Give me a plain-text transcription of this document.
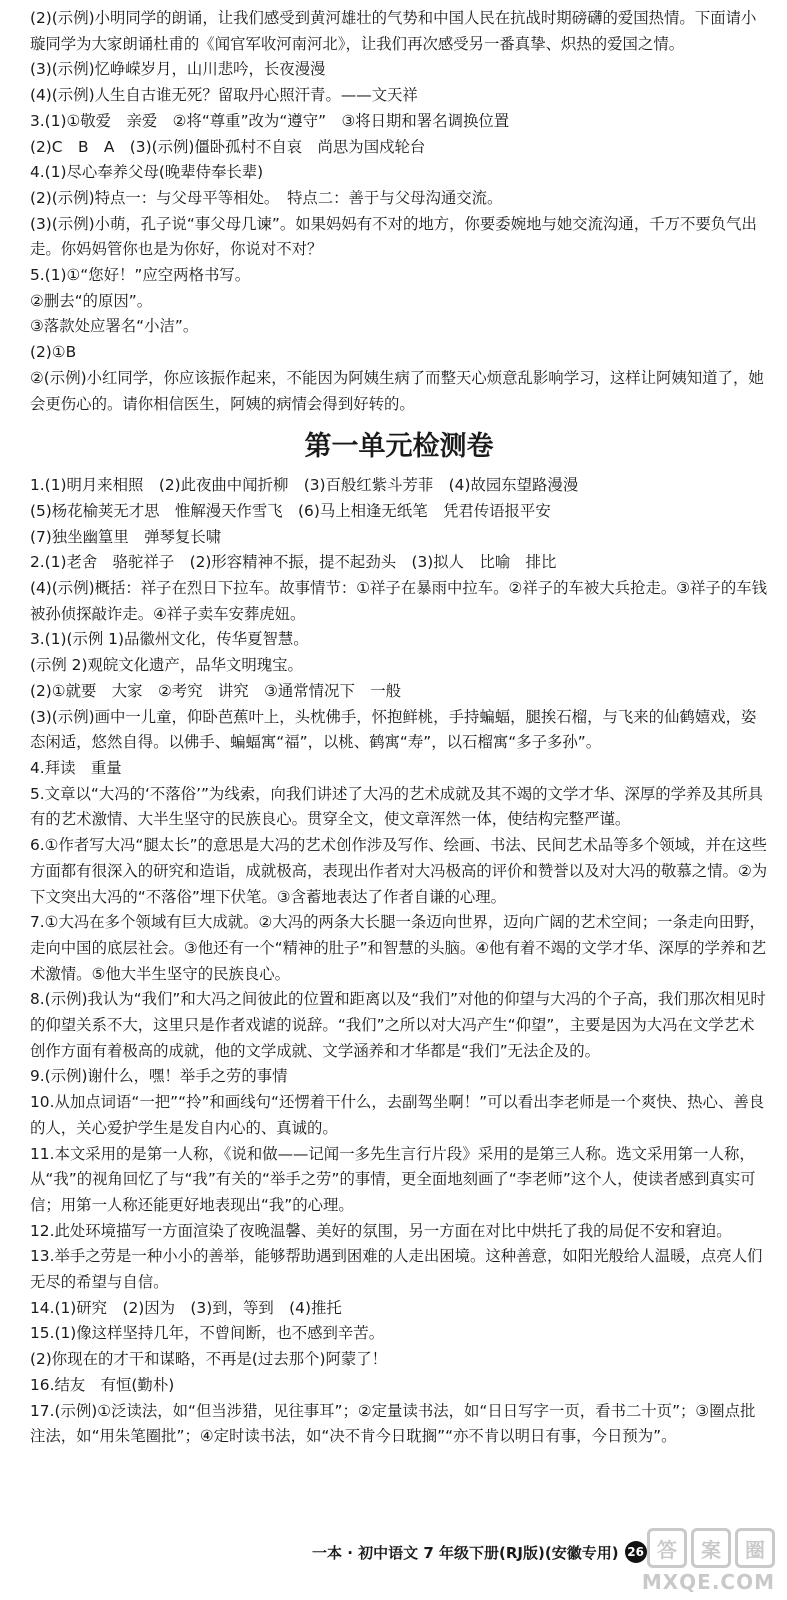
(2)(示例)小明同学的朗诵，让我们感受到黄河雄壮的气势和中国人民在抗战时期磅礴的爱国热情。下面请小璇同学为大家朗诵杜甫的《闻官军收河南河北》，让我们再次感受另一番真挚、炽热的爱国之情。
(3)(示例)忆峥嵘岁月，山川悲吟，长夜漫漫
(4)(示例)人生自古谁无死？留取丹心照汗青。——文天祥
3.(1)①敬爱　亲爱　②将“尊重”改为“遵守”　③将日期和署名调换位置
(2)C　B　A　(3)(示例)僵卧孤村不自哀　尚思为国戍轮台
4.(1)尽心奉养父母(晚辈侍奉长辈)
(2)(示例)特点一：与父母平等相处。　特点二：善于与父母沟通交流。
(3)(示例)小萌，孔子说“事父母几谏”。如果妈妈有不对的地方，你要委婉地与她交流沟通，千万不要负气出走。你妈妈管你也是为你好，你说对不对？
5.(1)①“您好！”应空两格书写。
②删去“的原因”。
③落款处应署名“小洁”。
(2)①B
②(示例)小红同学，你应该振作起来，不能因为阿姨生病了而整天心烦意乱影响学习，这样让阿姨知道了，她会更伤心的。请你相信医生，阿姨的病情会得到好转的。
第一单元检测卷
1.(1)明月来相照　(2)此夜曲中闻折柳　(3)百般红紫斗芳菲　(4)故园东望路漫漫
(5)杨花榆荚无才思　惟解漫天作雪飞　(6)马上相逢无纸笔　凭君传语报平安
(7)独坐幽篁里　弹琴复长啸
2.(1)老舍　骆驼祥子　(2)形容精神不振，提不起劲头　(3)拟人　比喻　排比
(4)(示例)概括：祥子在烈日下拉车。故事情节：①祥子在暴雨中拉车。②祥子的车被大兵抢走。③祥子的车钱被孙侦探敲诈走。④祥子卖车安葬虎妞。
3.(1)(示例 1)品徽州文化，传华夏智慧。
(示例 2)观皖文化遗产，品华文明瑰宝。
(2)①就要　大家　②考究　讲究　③通常情况下　一般
(3)(示例)画中一儿童，仰卧芭蕉叶上，头枕佛手，怀抱鲜桃，手持蝙蝠，腿挨石榴，与飞来的仙鹤嬉戏，姿态闲适，悠然自得。以佛手、蝙蝠寓“福”，以桃、鹤寓“寿”，以石榴寓“多子多孙”。
4.拜读　重量
5.文章以“大冯的‘不落俗’”为线索，向我们讲述了大冯的艺术成就及其不竭的文学才华、深厚的学养及其所具有的艺术激情、大半生坚守的民族良心。贯穿全文，使文章浑然一体，使结构完整严谨。
6.①作者写大冯“腿太长”的意思是大冯的艺术创作涉及写作、绘画、书法、民间艺术品等多个领域，并在这些方面都有很深入的研究和造诣，成就极高，表现出作者对大冯极高的评价和赞誉以及对大冯的敬慕之情。②为下文突出大冯的“不落俗”埋下伏笔。③含蓄地表达了作者自谦的心理。
7.①大冯在多个领域有巨大成就。②大冯的两条大长腿一条迈向世界，迈向广阔的艺术空间；一条走向田野，走向中国的底层社会。③他还有一个“精神的肚子”和智慧的头脑。④他有着不竭的文学才华、深厚的学养和艺术激情。⑤他大半生坚守的民族良心。
8.(示例)我认为“我们”和大冯之间彼此的位置和距离以及“我们”对他的仰望与大冯的个子高，我们那次相见时的仰望关系不大，这里只是作者戏谑的说辞。“我们”之所以对大冯产生“仰望”，主要是因为大冯在文学艺术创作方面有着极高的成就，他的文学成就、文学涵养和才华都是“我们”无法企及的。
9.(示例)谢什么，嘿！举手之劳的事情
10.从加点词语“一把”“拎”和画线句“还愣着干什么，去副驾坐啊！”可以看出李老师是一个爽快、热心、善良的人，关心爱护学生是发自内心的、真诚的。
11.本文采用的是第一人称，《说和做——记闻一多先生言行片段》采用的是第三人称。选文采用第一人称，从“我”的视角回忆了与“我”有关的“举手之劳”的事情，更全面地刻画了“李老师”这个人，使读者感到真实可信；用第一人称还能更好地表现出“我”的心理。
12.此处环境描写一方面渲染了夜晚温馨、美好的氛围，另一方面在对比中烘托了我的局促不安和窘迫。
13.举手之劳是一种小小的善举，能够帮助遇到困难的人走出困境。这种善意，如阳光般给人温暖，点亮人们无尽的希望与自信。
14.(1)研究　(2)因为　(3)到，等到　(4)推托
15.(1)像这样坚持几年，不曾间断，也不感到辛苦。
(2)你现在的才干和谋略，不再是(过去那个)阿蒙了！
16.结友　有恒(勤朴)
17.(示例)①泛读法，如“但当涉猎，见往事耳”；②定量读书法，如“日日写字一页，看书二十页”；③圈点批注法，如“用朱笔圈批”；④定时读书法，如“决不肯今日耽搁”“亦不肯以明日有事，今日预为”。
一本 · 初中语文 7 年级下册(RJ版)(安徽专用) 26 答	案	圈
MXQE.COM
